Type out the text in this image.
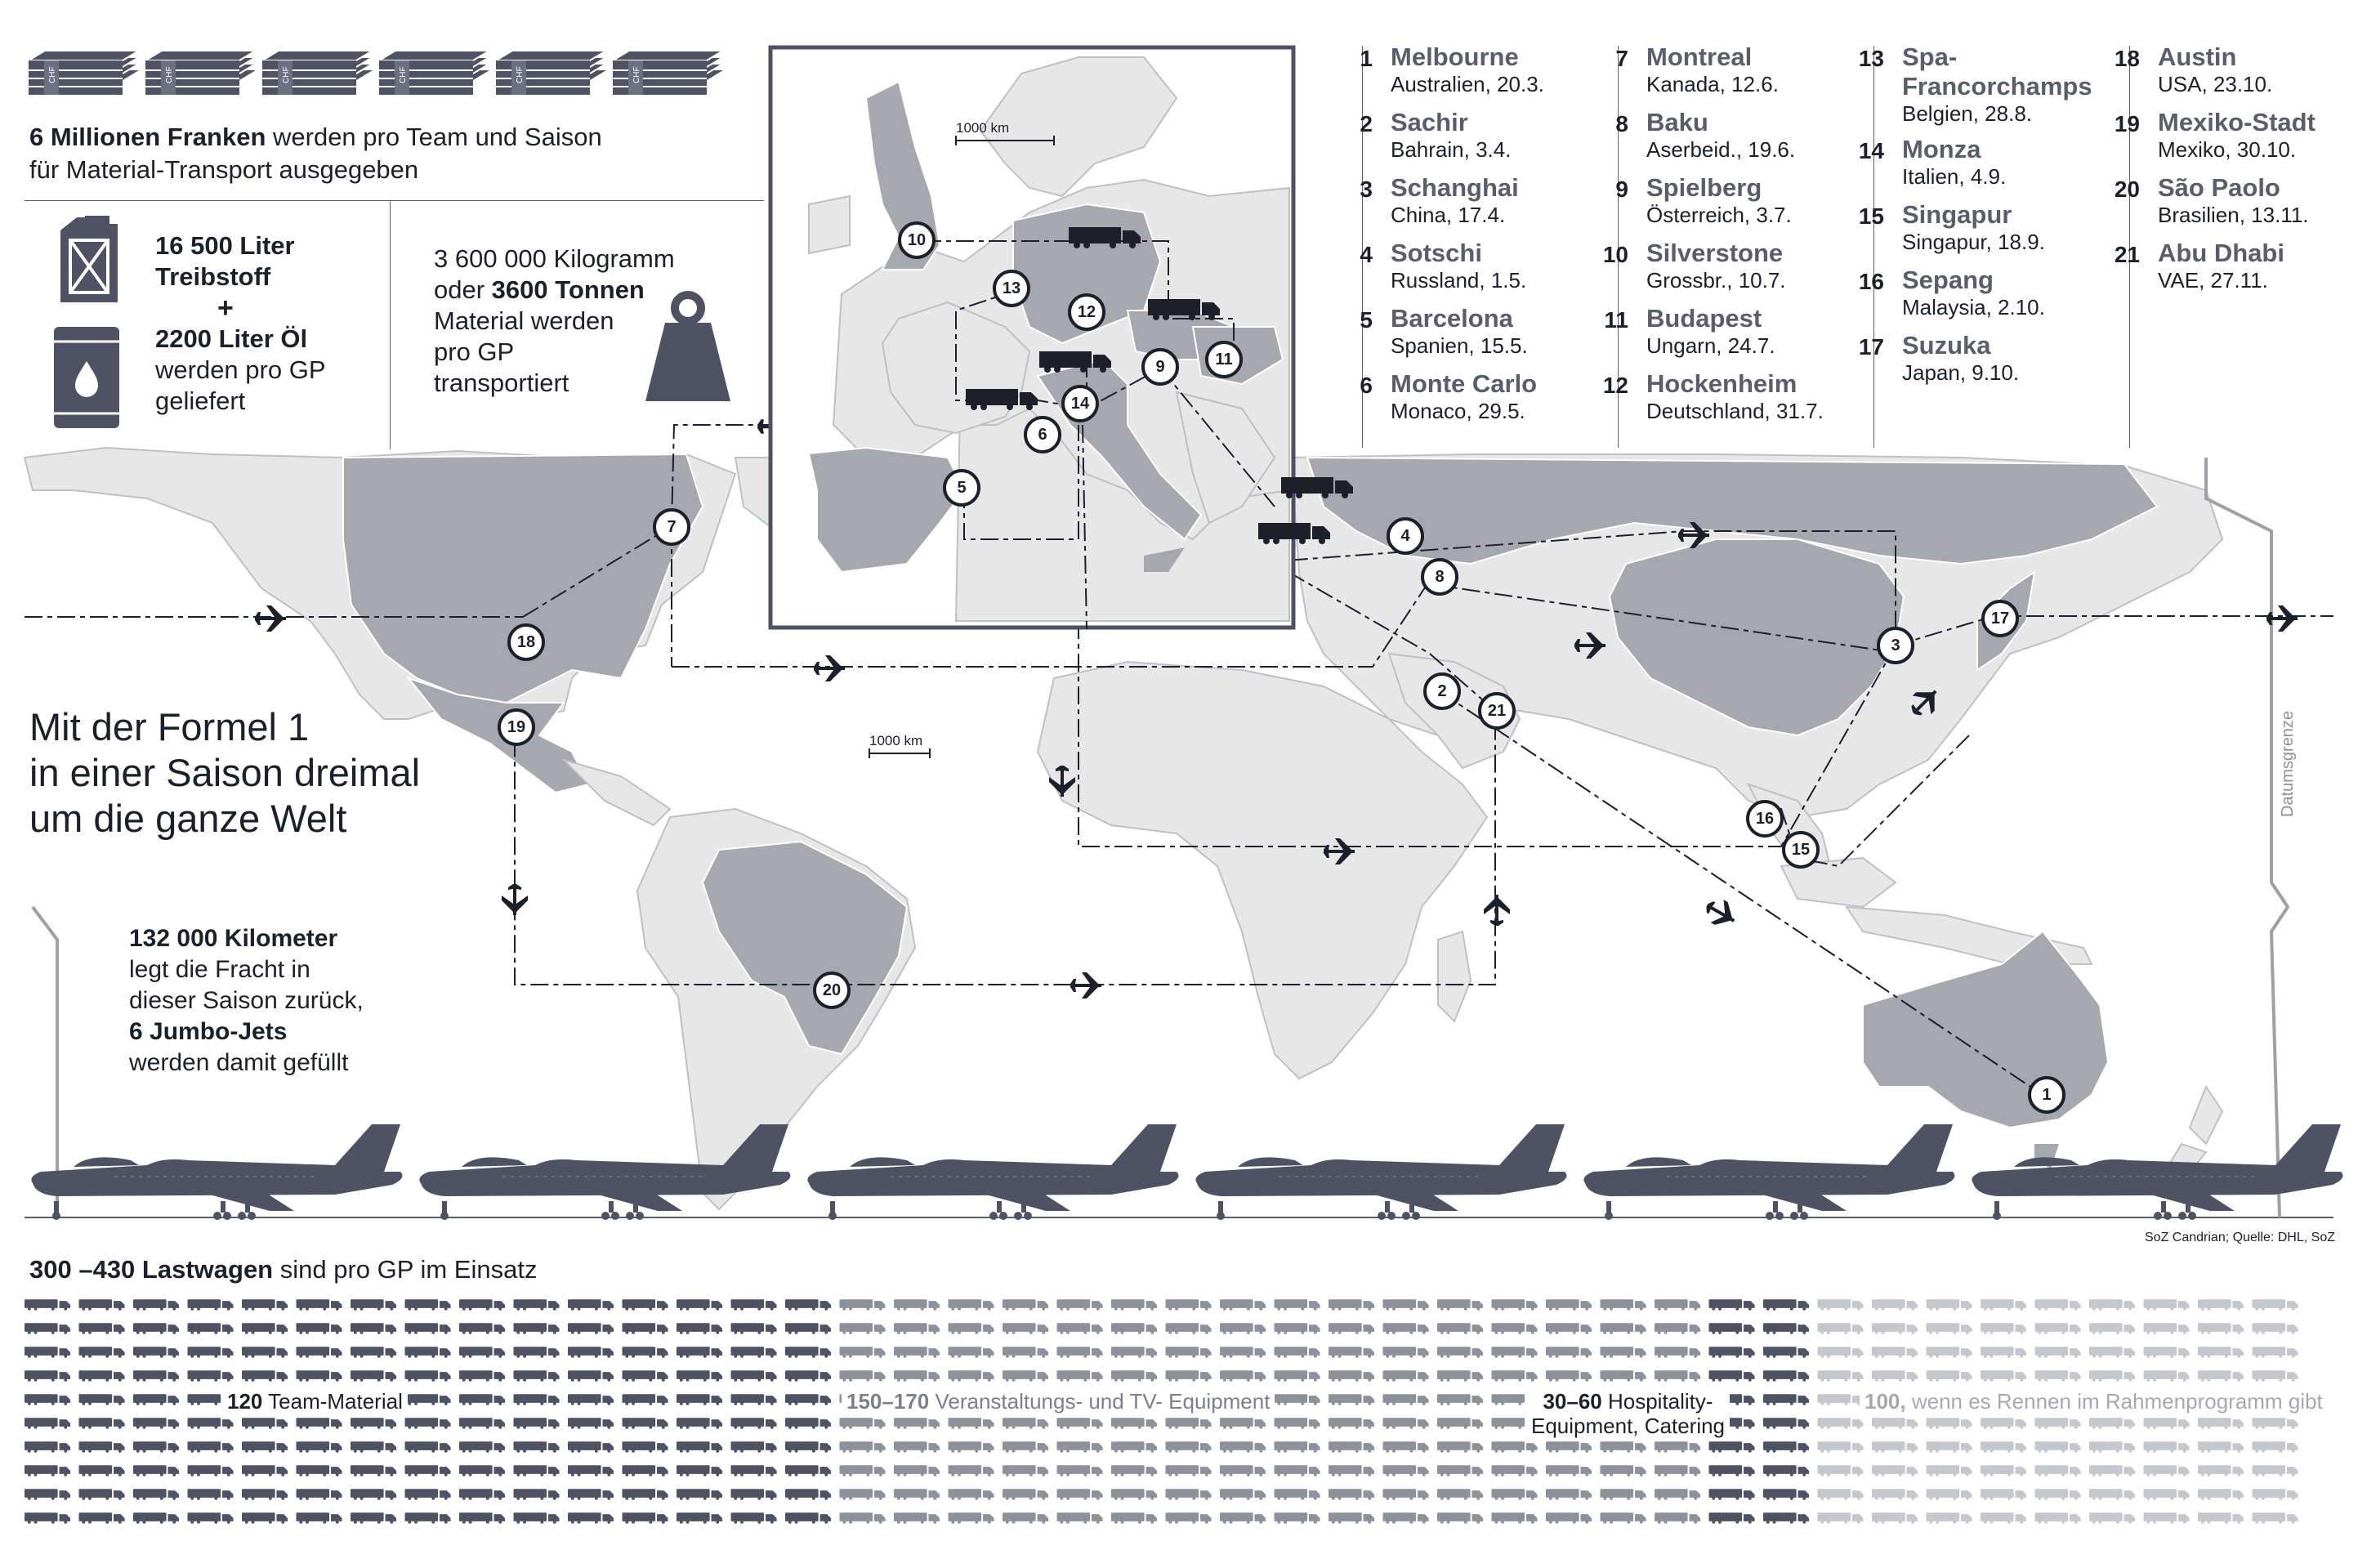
CHF
6 Millionen Franken werden pro Team und Saison
für Material-Transport ausgegeben
16 500 Liter
Treibstoff
+
2200 Liter Öl
werden pro GP
geliefert
3 600 000 Kilogramm
oder 3600 Tonnen
Material werden
pro GP
transportiert
1 Melbourne
Australien, 20.3.
2 Sachir
Bahrain, 3.4.
3 Schanghai
China, 17.4.
4 Sotschi
Russland, 1.5.
5 Barcelona
Spanien, 15.5.
6 Monte Carlo
Monaco, 29.5.
7 Montreal
Kanada, 12.6.
8 Baku
Aserbeid., 19.6.
9 Spielberg
Österreich, 3.7.
10 Silverstone
Grossbr., 10.7.
11 Budapest
Ungarn, 24.7.
12 Hockenheim
Deutschland, 31.7.
13 Spa-
Francorchamps
Belgien, 28.8.
14 Monza
Italien, 4.9.
15 Singapur
Singapur, 18.9.
16 Sepang
Malaysia, 2.10.
17 Suzuka
Japan, 9.10.
18 Austin
USA, 23.10.
19 Mexiko-Stadt
Mexiko, 30.10.
20 São Paolo
Brasilien, 13.11.
21 Abu Dhabi
VAE, 27.11.
1000 km
1000 km	Datumsgrenze
1
2
3
4
5
6
7
8
9
10
11
12
13
14
15
16
17
18
19
20
21
Mit der Formel 1
in einer Saison dreimal
um die ganze Welt
132 000 Kilometer
legt die Fracht in
dieser Saison zurück,
6 Jumbo-Jets
werden damit gefüllt
SoZ Candrian; Quelle: DHL, SoZ
300 –430 Lastwagen sind pro GP im Einsatz
120 Team-Material	150–170 Veranstaltungs- und TV- Equipment	30–60 Hospitality-
Equipment, Catering
100, wenn es Rennen im Rahmenprogramm gibt
